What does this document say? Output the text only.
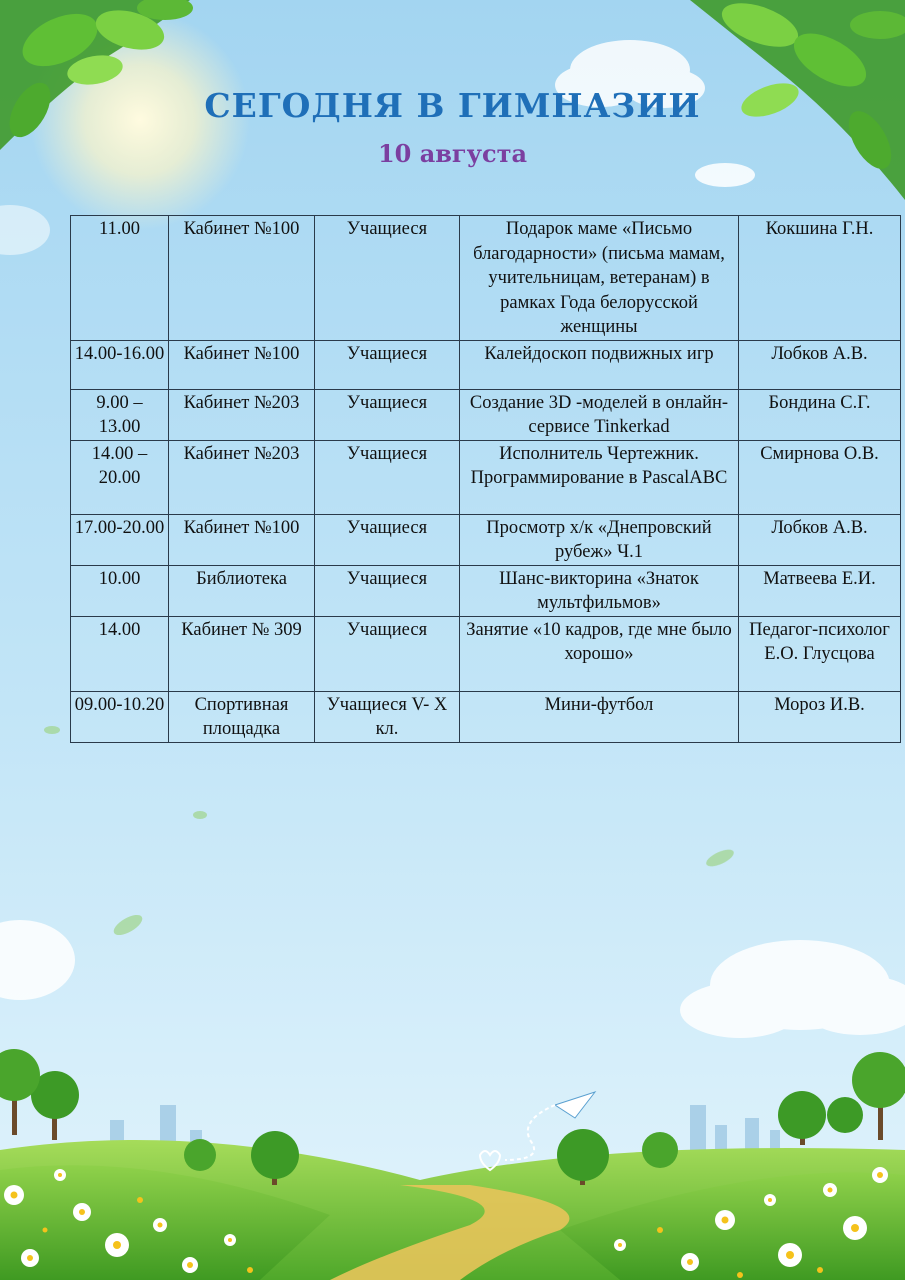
СЕГОДНЯ В ГИМНАЗИИ
10 августа
11.00	Кабинет №100	Учащиеся	Подарок маме «Письмо благодарности» (письма мамам, учительницам, ветеранам) в рамках Года белорусской женщины	Кокшина Г.Н.
14.00-16.00	Кабинет №100	Учащиеся	Калейдоскоп подвижных игр	Лобков А.В.
9.00 – 13.00	Кабинет №203	Учащиеся	Создание 3D -моделей в онлайн-сервисе Tinkerkad	Бондина С.Г.
14.00 – 20.00	Кабинет №203	Учащиеся	Исполнитель Чертежник. Программирование в PascalABC	Смирнова О.В.
17.00-20.00	Кабинет №100	Учащиеся	Просмотр х/к «Днепровский рубеж» Ч.1	Лобков А.В.
10.00	Библиотека	Учащиеся	Шанс-викторина «Знаток мультфильмов»	Матвеева Е.И.
14.00	Кабинет № 309	Учащиеся	Занятие «10 кадров, где мне было хорошо»	Педагог-психолог Е.О. Глусцова
09.00-10.20	Спортивная площадка	Учащиеся V- X кл.	Мини-футбол	Мороз И.В.
